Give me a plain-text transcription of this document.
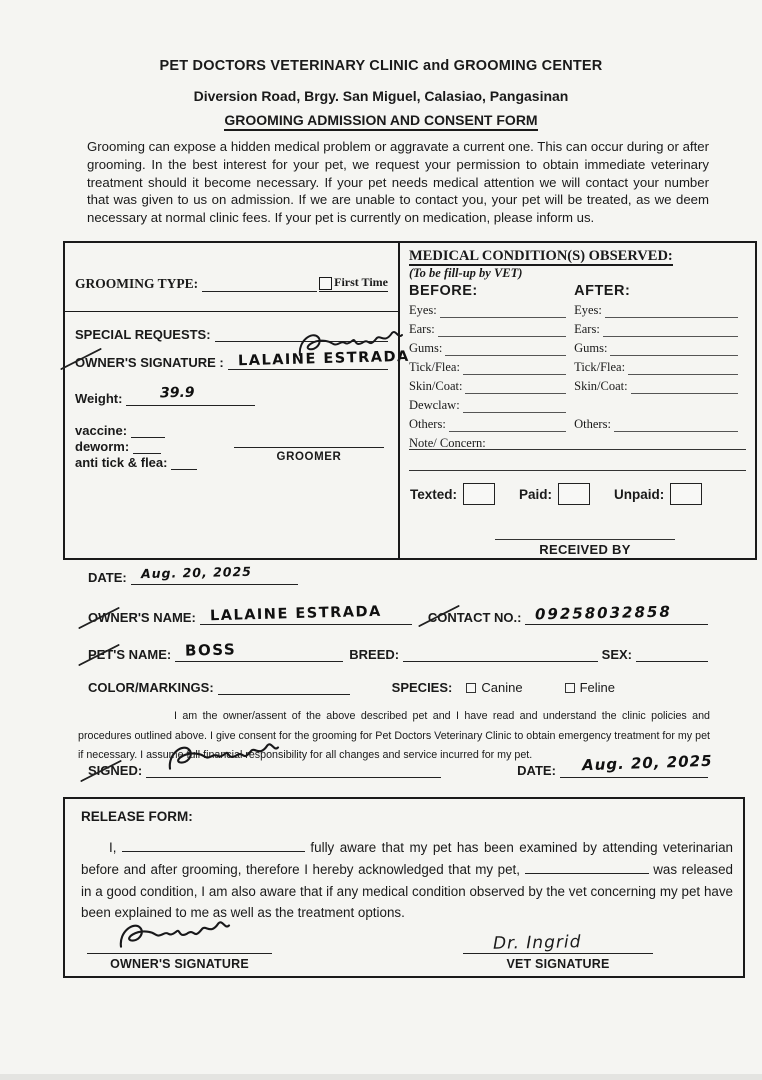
PET DOCTORS VETERINARY CLINIC and GROOMING CENTER
Diversion Road, Brgy. San Miguel, Calasiao, Pangasinan
GROOMING ADMISSION AND CONSENT FORM
Grooming can expose a hidden medical problem or aggravate a current one. This can occur during or after grooming. In the best interest for your pet, we request your permission to obtain immediate veterinary treatment should it become necessary. If your pet needs medical attention we will contact your number that was given to us on admission. If we are unable to contact you, your pet will be treated, as we deem necessary at normal clinic fees. If your pet is currently on medication, please inform us.
GROOMING TYPE:	First Time
SPECIAL REQUESTS:
OWNER'S SIGNATURE : LALAINE ESTRADA
Weight:	39.9
vaccine:
deworm:
anti tick & flea:	GROOMER
MEDICAL CONDITION(S) OBSERVED:
(To be fill-up by VET)
BEFORE:	AFTER:
Eyes:	Eyes:
Ears:	Ears:
Gums:	Gums:
Tick/Flea:	Tick/Flea:
Skin/Coat:	Skin/Coat:
Dewclaw:
Others:	Others:
Note/ Concern:
Texted:	Paid:	Unpaid:
RECEIVED BY
DATE: Aug. 20, 2025
OWNER'S NAME: LALAINE ESTRADA	CONTACT NO.: 09258032858
PET'S NAME: BOSS	BREED:	SEX:
COLOR/MARKINGS:	SPECIES: Canine	Feline
I am the owner/assent of the above described pet and I have read and understand the clinic policies and procedures outlined above. I give consent for the grooming for Pet Doctors Veterinary Clinic to obtain emergency treatment for my pet if necessary. I assume full financial responsibility for all changes and service incurred for my pet.
SIGNED:	DATE: Aug. 20, 2025
RELEASE FORM:

I,	fully aware that my pet has been examined by attending veterinarian before and after grooming, therefore I hereby acknowledged that my pet,	was released in a good condition, I am also aware that if any medical condition observed by the vet concerning my pet have been explained to me as well as the treatment options.

OWNER'S SIGNATURE
Dr. Ingrid
VET SIGNATURE
